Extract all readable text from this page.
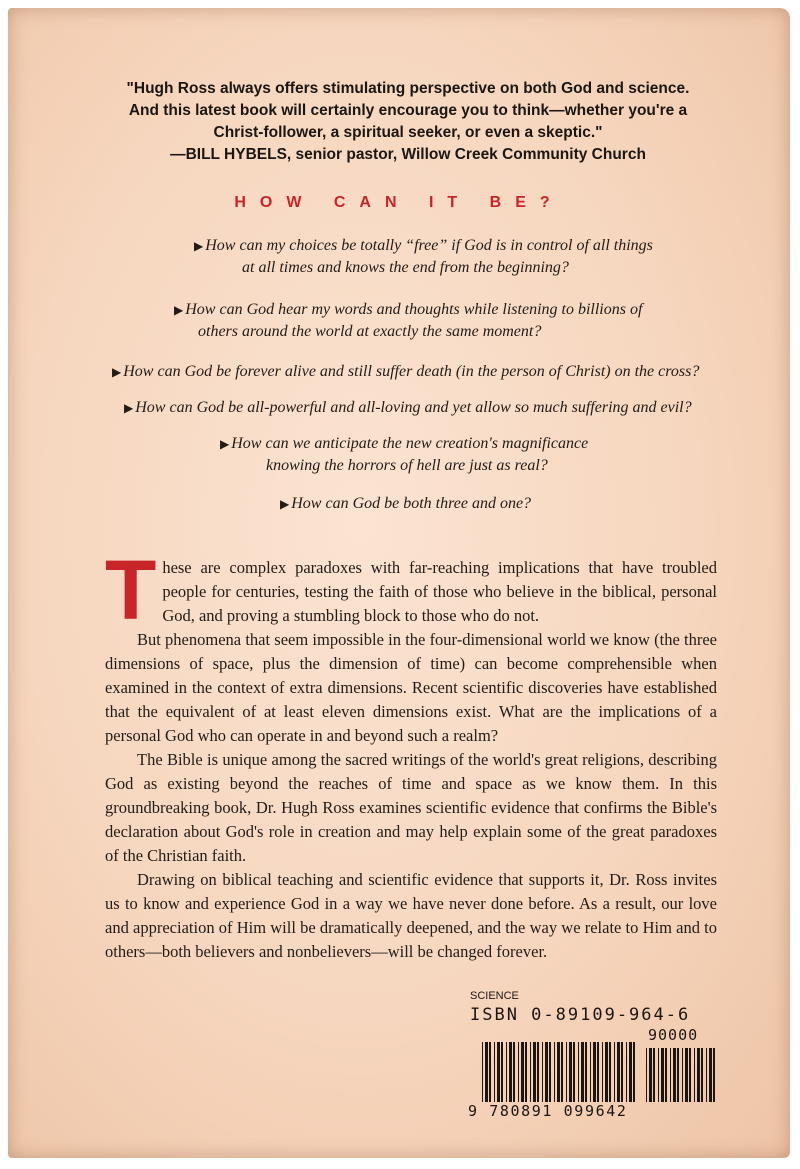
"Hugh Ross always offers stimulating perspective on both God and science.
And this latest book will certainly encourage you to think—whether you're a
Christ-follower, a spiritual seeker, or even a skeptic."
—BILL HYBELS, senior pastor, Willow Creek Community Church
HOW CAN IT BE?
▶ How can my choices be totally “free” if God is in control of all things
at all times and knows the end from the beginning?
▶ How can God hear my words and thoughts while listening to billions of
others around the world at exactly the same moment?
▶ How can God be forever alive and still suffer death (in the person of Christ) on the cross?
▶ How can God be all-powerful and all-loving and yet allow so much suffering and evil?
▶ How can we anticipate the new creation's magnificance
knowing the horrors of hell are just as real?
▶ How can God be both three and one?

These are complex paradoxes with far-reaching implications that have troubled people for centuries, testing the faith of those who believe in the biblical, personal God, and proving a stumbling block to those who do not.

But phenomena that seem impossible in the four-dimensional world we know (the three dimensions of space, plus the dimension of time) can become comprehensible when examined in the context of extra dimensions. Recent scientific discoveries have established that the equivalent of at least eleven dimensions exist. What are the implications of a personal God who can operate in and beyond such a realm?

The Bible is unique among the sacred writings of the world's great religions, describing God as existing beyond the reaches of time and space as we know them. In this groundbreaking book, Dr. Hugh Ross examines scientific evidence that confirms the Bible's declaration about God's role in creation and may help explain some of the great paradoxes of the Christian faith.

Drawing on biblical teaching and scientific evidence that supports it, Dr. Ross invites us to know and experience God in a way we have never done before. As a result, our love and appreciation of Him will be dramatically deepened, and the way we relate to Him and to others—both believers and nonbelievers—will be changed forever.

SCIENCE
ISBN 0-89109-964-6
90000
9 780891 099642
